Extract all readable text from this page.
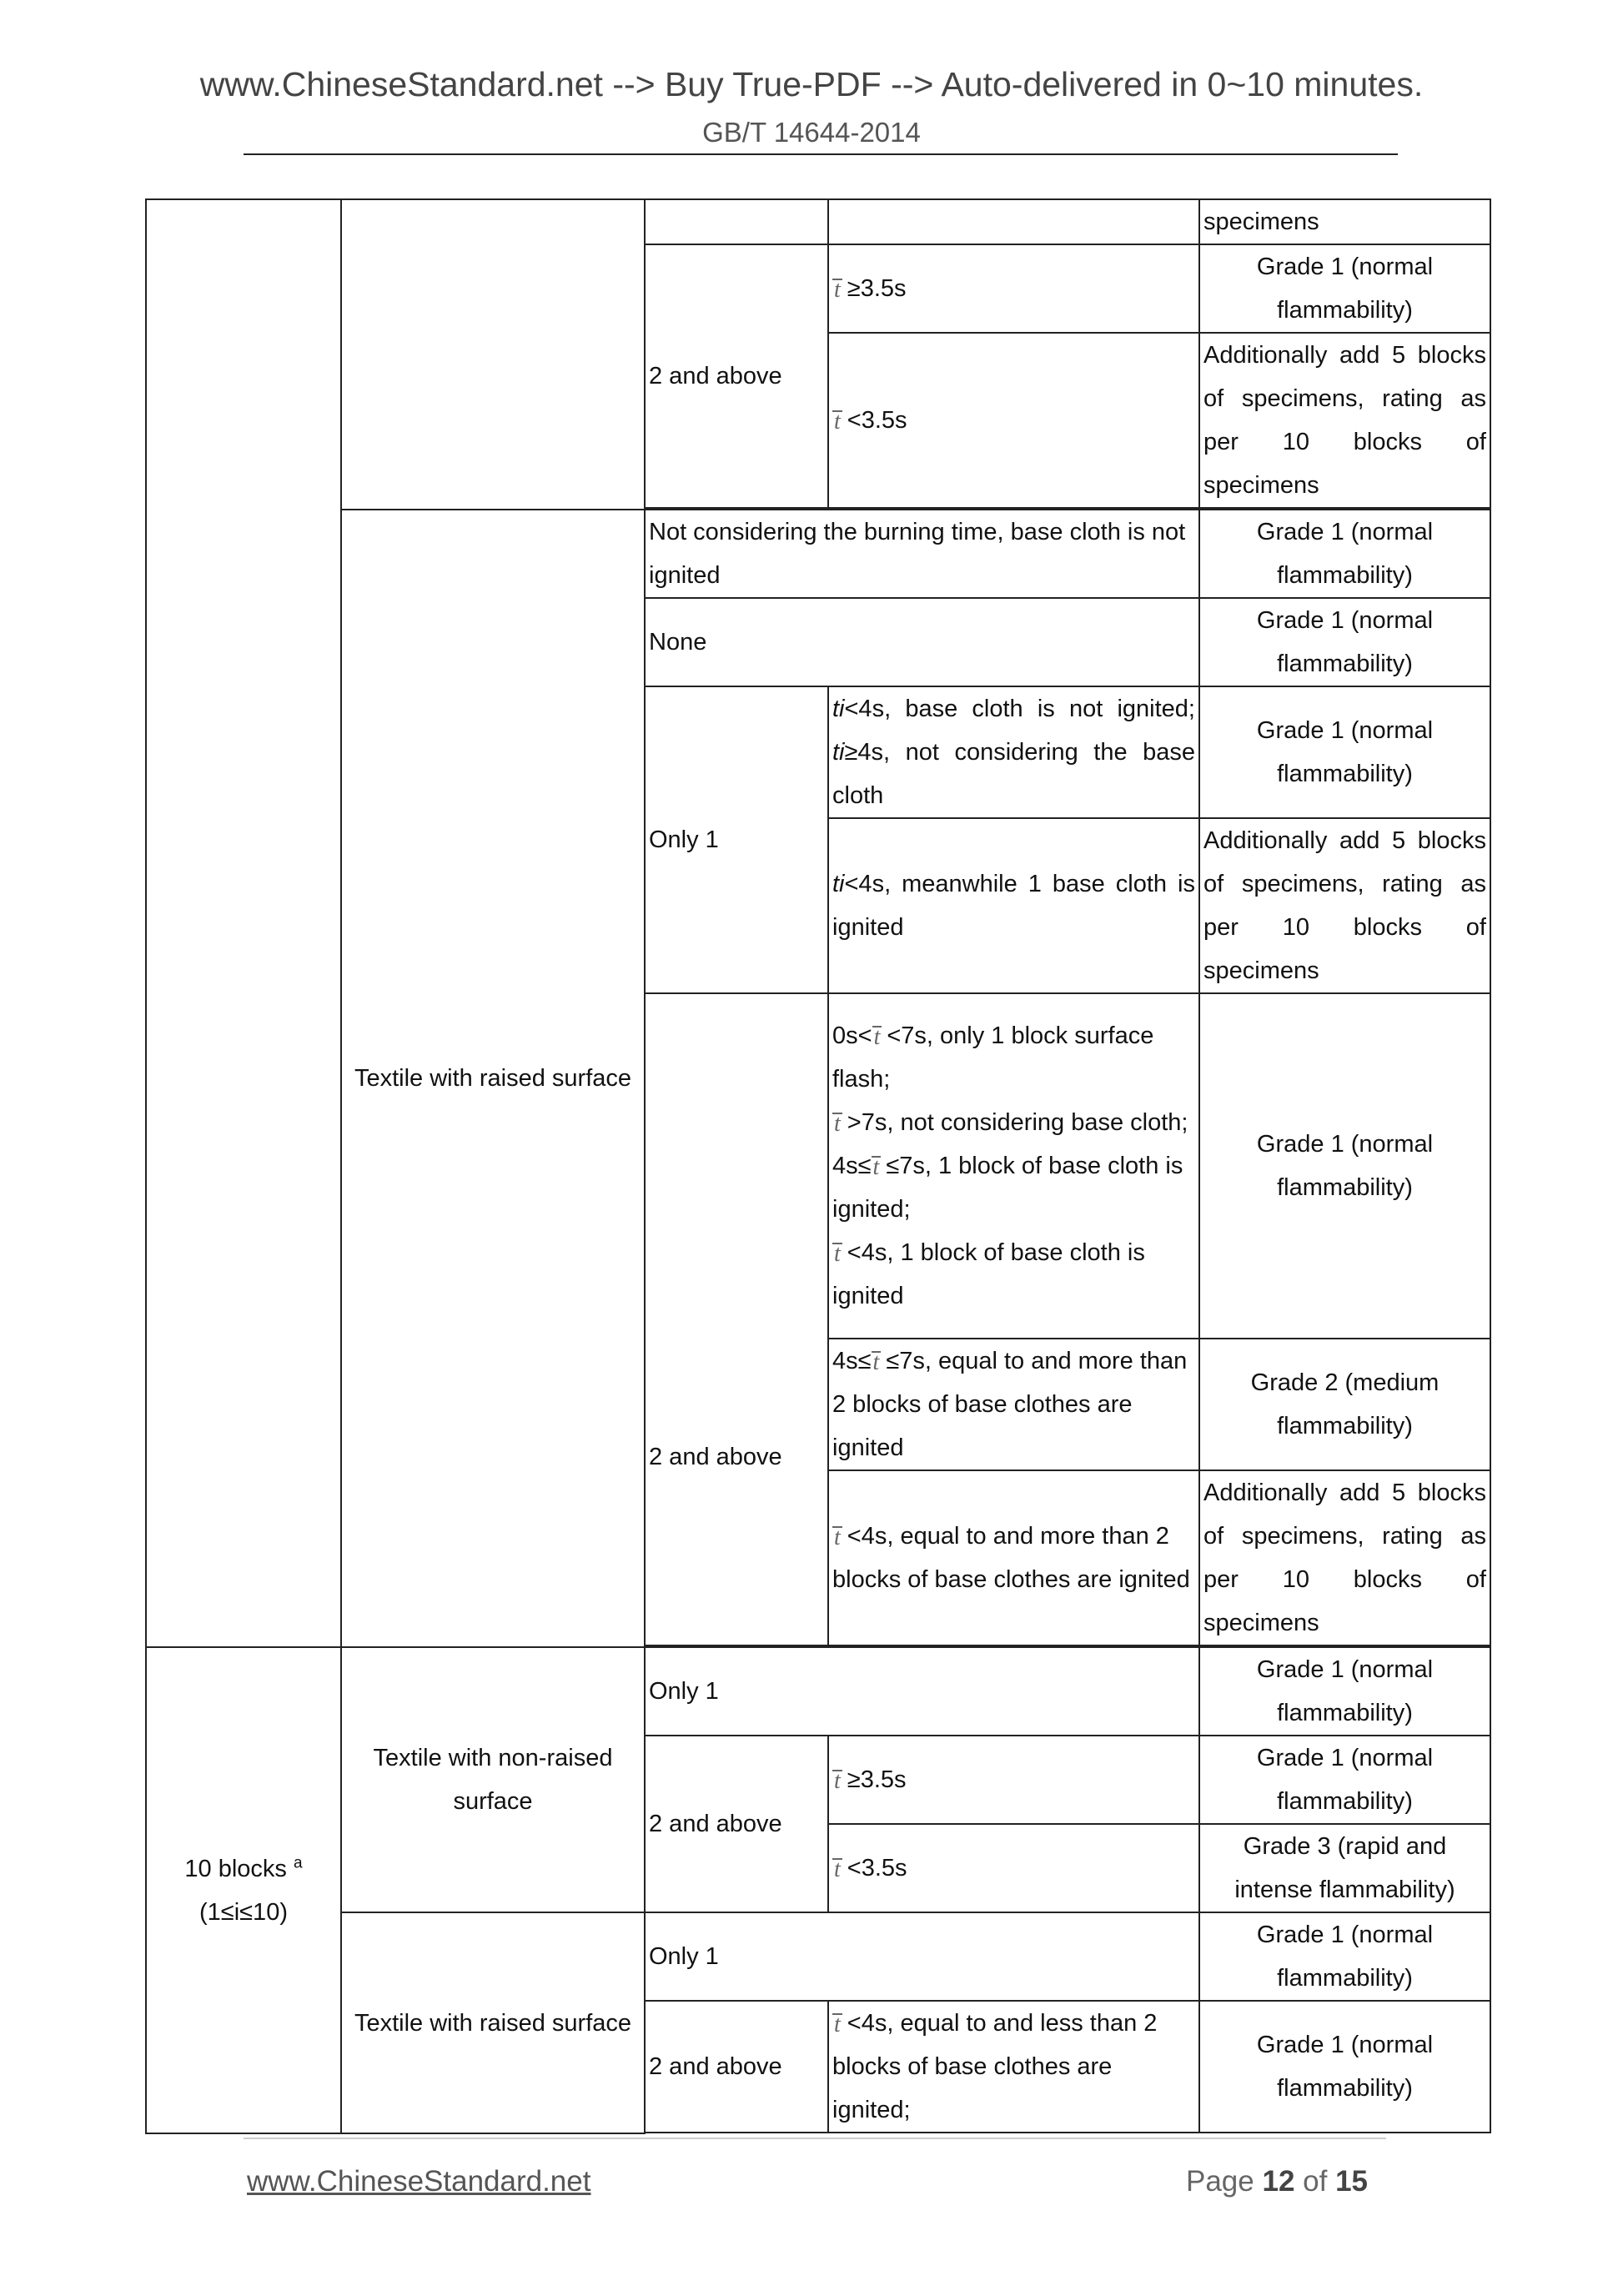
www.ChineseStandard.net --> Buy True-PDF --> Auto-delivered in 0~10 minutes.
GB/T 14644-2014
				specimens
		2 and above	t ≥3.5s	Grade 1 (normal flammability)
			t <3.5s	Additionally add 5 blocks of specimens, rating as per 10 blocks of specimens

	Textile with raised surface	Not considering the burning time, base cloth is not ignited		Grade 1 (normal flammability)
		None		Grade 1 (normal flammability)
		Only 1	ti<4s, base cloth is not ignited;
ti≥4s, not considering the base cloth	Grade 1 (normal flammability)
			ti<4s, meanwhile 1 base cloth is ignited	Additionally add 5 blocks of specimens, rating as per 10 blocks of specimens
		2 and above	0s<t <7s, only 1 block surface flash;
t >7s, not considering base cloth;
4s≤t ≤7s, 1 block of base cloth is ignited;
t <4s, 1 block of base cloth is ignited	Grade 1 (normal flammability)
			4s≤t ≤7s, equal to and more than 2 blocks of base clothes are ignited	Grade 2 (medium flammability)
			t <4s, equal to and more than 2 blocks of base clothes are ignited	Additionally add 5 blocks of specimens, rating as per 10 blocks of specimens

10 blocks $^a$
(1≤i≤10)	Textile with non-raised surface	Only 1		Grade 1 (normal flammability)
		2 and above	t ≥3.5s	Grade 1 (normal flammability)
			t <3.5s	Grade 3 (rapid and intense flammability)
	Textile with raised surface	Only 1		Grade 1 (normal flammability)
		2 and above	t <4s, equal to and less than 2 blocks of base clothes are ignited;	Grade 1 (normal flammability)

www.ChineseStandard.net	Page 12 of 15
